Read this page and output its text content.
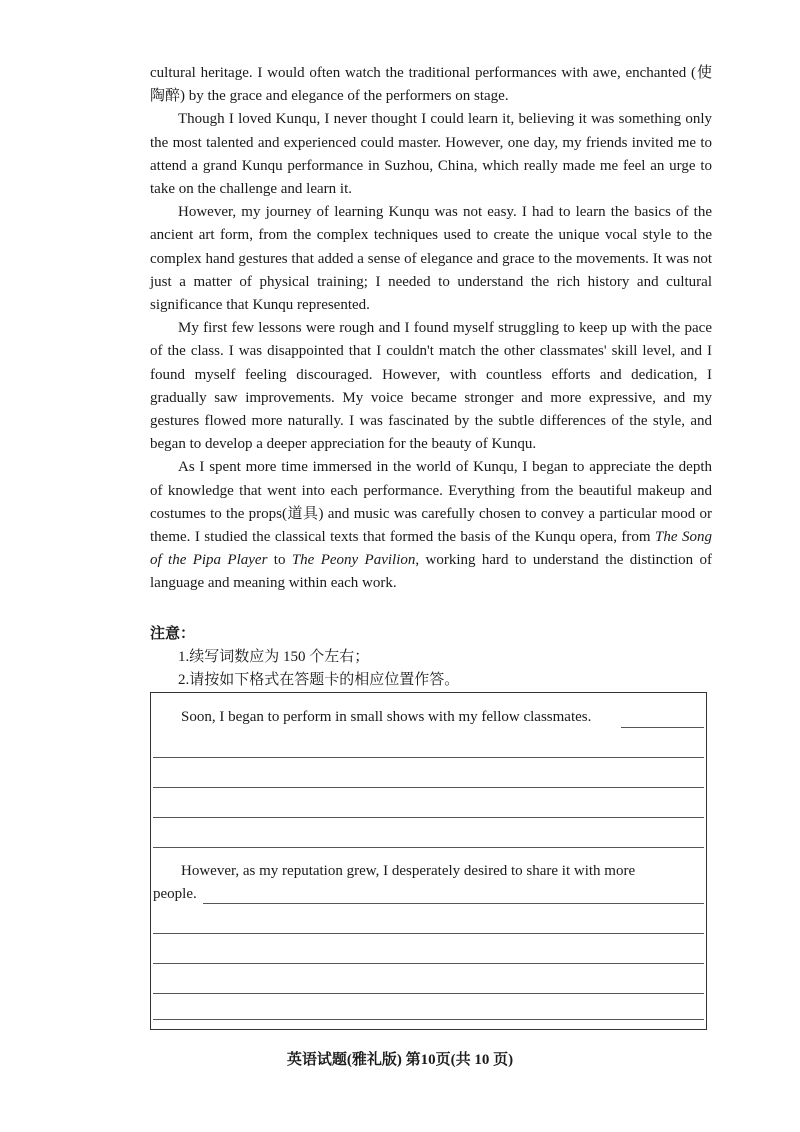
cultural heritage. I would often watch the traditional performances with awe, enchanted (使陶醉) by the grace and elegance of the performers on stage.

Though I loved Kunqu, I never thought I could learn it, believing it was something only the most talented and experienced could master. However, one day, my friends invited me to attend a grand Kunqu performance in Suzhou, China, which really made me feel an urge to take on the challenge and learn it.

However, my journey of learning Kunqu was not easy. I had to learn the basics of the ancient art form, from the complex techniques used to create the unique vocal style to the complex hand gestures that added a sense of elegance and grace to the movements. It was not just a matter of physical training; I needed to understand the rich history and cultural significance that Kunqu represented.

My first few lessons were rough and I found myself struggling to keep up with the pace of the class. I was disappointed that I couldn't match the other classmates' skill level, and I found myself feeling discouraged. However, with countless efforts and dedication, I gradually saw improvements. My voice became stronger and more expressive, and my gestures flowed more naturally. I was fascinated by the subtle differences of the style, and began to develop a deeper appreciation for the beauty of Kunqu.

As I spent more time immersed in the world of Kunqu, I began to appreciate the depth of knowledge that went into each performance. Everything from the beautiful makeup and costumes to the props(道具) and music was carefully chosen to convey a particular mood or theme. I studied the classical texts that formed the basis of the Kunqu opera, from The Song of the Pipa Player to The Peony Pavilion, working hard to understand the distinction of language and meaning within each work.

注意：
1.续写词数应为 150 个左右；
2.请按如下格式在答题卡的相应位置作答。
Soon, I began to perform in small shows with my fellow classmates.
However, as my reputation grew, I desperately desired to share it with more
people.
英语试题(雅礼版) 第10页(共 10 页)
